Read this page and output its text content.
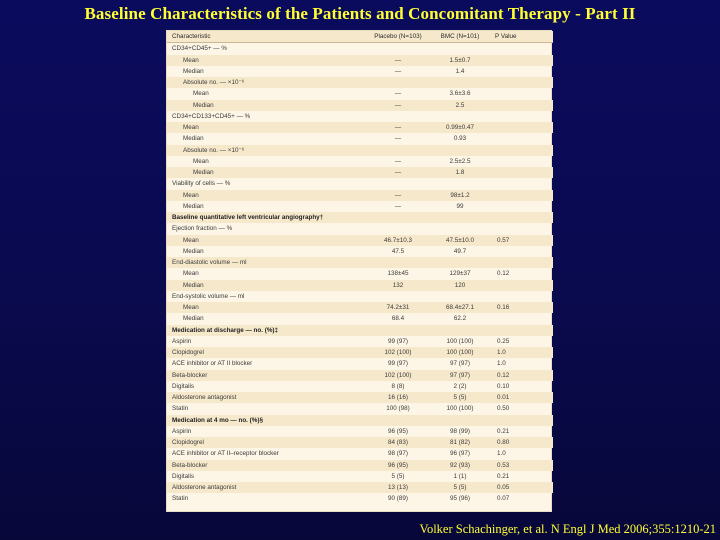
Baseline Characteristics of the Patients and Concomitant Therapy - Part II
Characteristic	Placebo (N=103)	BMC (N=101)	P Value
CD34+CD45+ — %			
Mean	—	1.5±0.7	
Median	—	1.4	
Absolute no. — ×10⁻⁶			
Mean	—	3.6±3.6	
Median	—	2.5	
CD34+CD133+CD45+ — %			
Mean	—	0.99±0.47	
Median	—	0.93	
Absolute no. — ×10⁻⁶			
Mean	—	2.5±2.5	
Median	—	1.8	
Viability of cells — %			
Mean	—	98±1.2	
Median	—	99	
Baseline quantitative left ventricular angiography†			
Ejection fraction — %			
Mean	46.7±10.3	47.5±10.0	0.57
Median	47.5	49.7	
End-diastolic volume — ml			
Mean	138±45	129±37	0.12
Median	132	120	
End-systolic volume — ml			
Mean	74.2±31	68.4±27.1	0.16
Median	68.4	62.2	
Medication at discharge — no. (%)‡			
Aspirin	99 (97)	100 (100)	0.25
Clopidogrel	102 (100)	100 (100)	1.0
ACE inhibitor or AT II blocker	99 (97)	97 (97)	1.0
Beta-blocker	102 (100)	97 (97)	0.12
Digitalis	8 (8)	2 (2)	0.10
Aldosterone antagonist	16 (16)	5 (5)	0.01
Statin	100 (98)	100 (100)	0.50
Medication at 4 mo — no. (%)§			
Aspirin	96 (95)	98 (99)	0.21
Clopidogrel	84 (83)	81 (82)	0.80
ACE inhibitor or AT II–receptor blocker	98 (97)	96 (97)	1.0
Beta-blocker	96 (95)	92 (93)	0.53
Digitalis	5 (5)	1 (1)	0.21
Aldosterone antagonist	13 (13)	5 (5)	0.05
Statin	90 (89)	95 (96)	0.07
Volker Schachinger, et al. N Engl J Med 2006;355:1210-21
